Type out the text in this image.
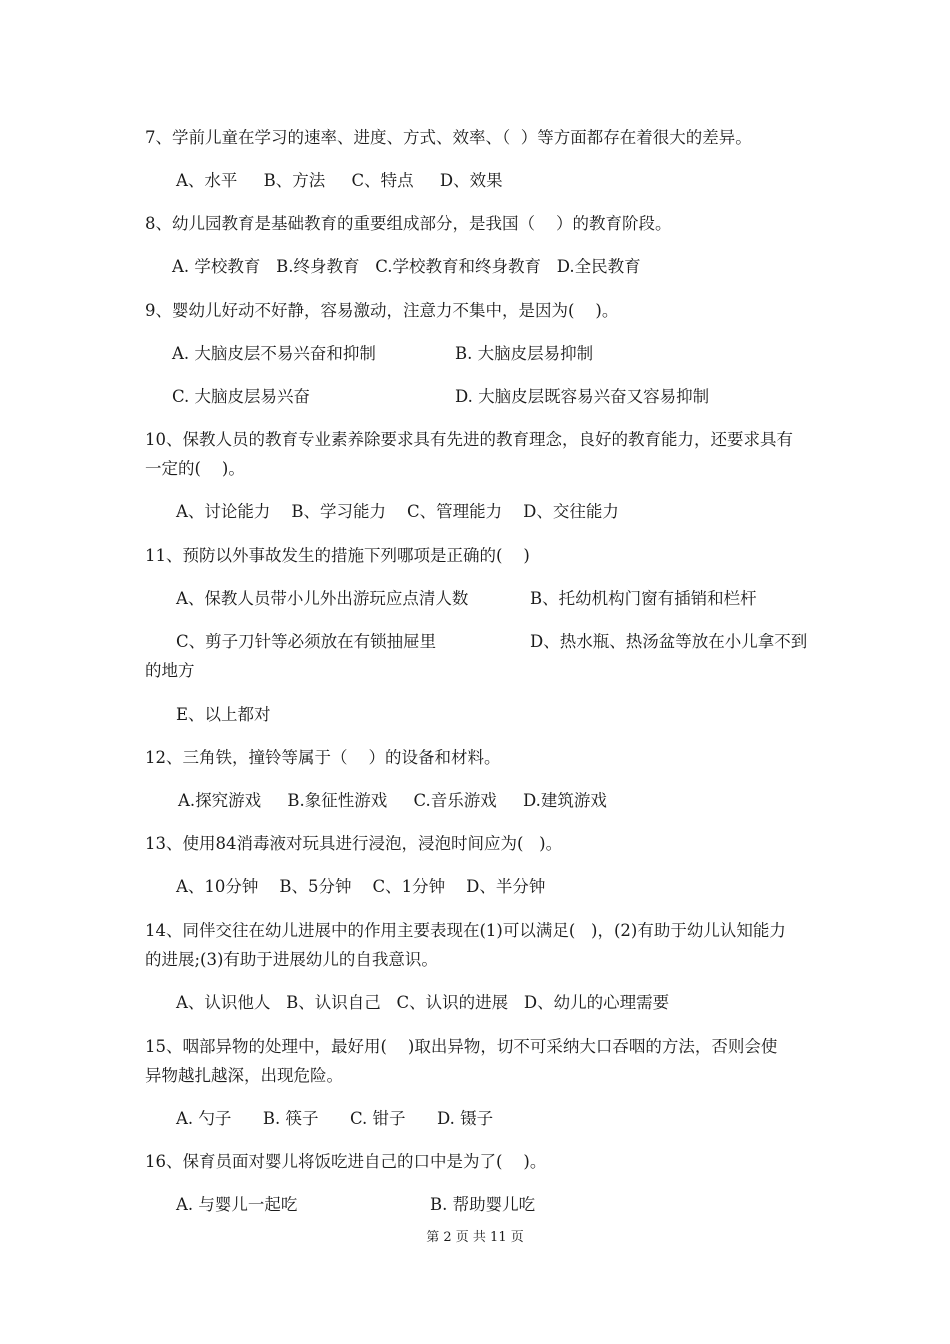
7、学前儿童在学习的速率、进度、方式、效率、（  ）等方面都存在着很大的差异。
A、水平     B、方法     C、特点     D、效果
8、幼儿园教育是基础教育的重要组成部分，是我国（    ）的教育阶段。
A. 学校教育   B.终身教育   C.学校教育和终身教育   D.全民教育
9、婴幼儿好动不好静，容易激动，注意力不集中，是因为(    )。
A. 大脑皮层不易兴奋和抑制	B. 大脑皮层易抑制
C. 大脑皮层易兴奋	D. 大脑皮层既容易兴奋又容易抑制
10、保教人员的教育专业素养除要求具有先进的教育理念，良好的教育能力，还要求具有
一定的(    )。
A、讨论能力    B、学习能力    C、管理能力    D、交往能力
11、预防以外事故发生的措施下列哪项是正确的(    )
A、保教人员带小儿外出游玩应点清人数	B、托幼机构门窗有插销和栏杆
C、剪子刀针等必须放在有锁抽屉里	D、热水瓶、热汤盆等放在小儿拿不到
的地方
E、以上都对
12、三角铁，撞铃等属于（    ）的设备和材料。
A.探究游戏     B.象征性游戏     C.音乐游戏     D.建筑游戏
13、使用84消毒液对玩具进行浸泡，浸泡时间应为(   )。
A、10分钟    B、5分钟    C、1分钟    D、半分钟
14、同伴交往在幼儿进展中的作用主要表现在(1)可以满足(   )，(2)有助于幼儿认知能力
的进展;(3)有助于进展幼儿的自我意识。
A、认识他人   B、认识自己   C、认识的进展   D、幼儿的心理需要
15、咽部异物的处理中，最好用(    )取出异物，切不可采纳大口吞咽的方法，否则会使
异物越扎越深，出现危险。
A. 勺子      B. 筷子      C. 钳子      D. 镊子
16、保育员面对婴儿将饭吃进自己的口中是为了(    )。
A. 与婴儿一起吃	B. 帮助婴儿吃
第 2 页 共 11 页
